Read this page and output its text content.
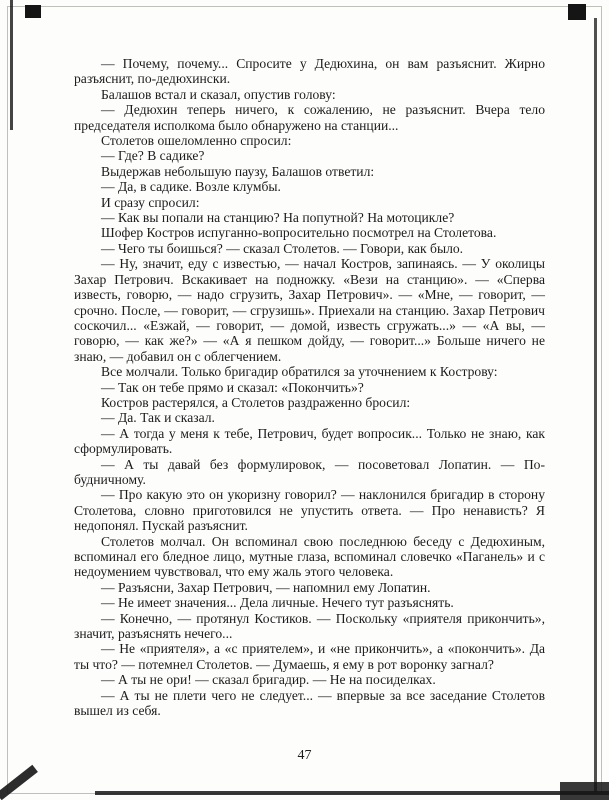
— Почему, почему... Спросите у Дедюхина, он вам разъяснит. Жирно разъяснит, по-дедюхински.

Балашов встал и сказал, опустив голову:

— Дедюхин теперь ничего, к сожалению, не разъяснит. Вчера тело председателя исполкома было обнаружено на станции...

Столетов ошеломленно спросил:

— Где? В садике?

Выдержав небольшую паузу, Балашов ответил:

— Да, в садике. Возле клумбы.

И сразу спросил:

— Как вы попали на станцию? На попутной? На мотоцикле?

Шофер Костров испуганно-вопросительно посмотрел на Столетова.

— Чего ты боишься? — сказал Столетов. — Говори, как было.

— Ну, значит, еду с известью, — начал Костров, запинаясь. — У околицы Захар Петрович. Вскакивает на подножку. «Вези на станцию». — «Сперва известь, говорю, — надо сгрузить, Захар Петрович». — «Мне, — говорит, — срочно. После, — говорит, — сгрузишь». Приехали на станцию. Захар Петрович соскочил... «Езжай, — говорит, — домой, известь сгружать...» — «А вы, — говорю, — как же?» — «А я пешком дойду, — говорит...» Больше ничего не знаю, — добавил он с облегчением.

Все молчали. Только бригадир обратился за уточнением к Кострову:

— Так он тебе прямо и сказал: «Покончить»?

Костров растерялся, а Столетов раздраженно бросил:

— Да. Так и сказал.

— А тогда у меня к тебе, Петрович, будет вопросик... Только не знаю, как сформулировать.

— А ты давай без формулировок, — посоветовал Лопатин. — По-будничному.

— Про какую это он укоризну говорил? — наклонился бригадир в сторону Столетова, словно приготовился не упустить ответа. — Про ненависть? Я недопонял. Пускай разъяснит.

Столетов молчал. Он вспоминал свою последнюю беседу с Дедюхиным, вспоминал его бледное лицо, мутные глаза, вспоминал словечко «Паганель» и с недоумением чувствовал, что ему жаль этого человека.

— Разъясни, Захар Петрович, — напомнил ему Лопатин.

— Не имеет значения... Дела личные. Нечего тут разъяснять.

— Конечно, — протянул Костиков. — Поскольку «приятеля прикончить», значит, разъяснять нечего...

— Не «приятеля», а «с приятелем», и «не прикончить», а «покончить». Да ты что? — потемнел Столетов. — Думаешь, я ему в рот воронку загнал?

— А ты не ори! — сказал бригадир. — Не на посиделках.

— А ты не плети чего не следует... — впервые за все заседание Столетов вышел из себя.

47
